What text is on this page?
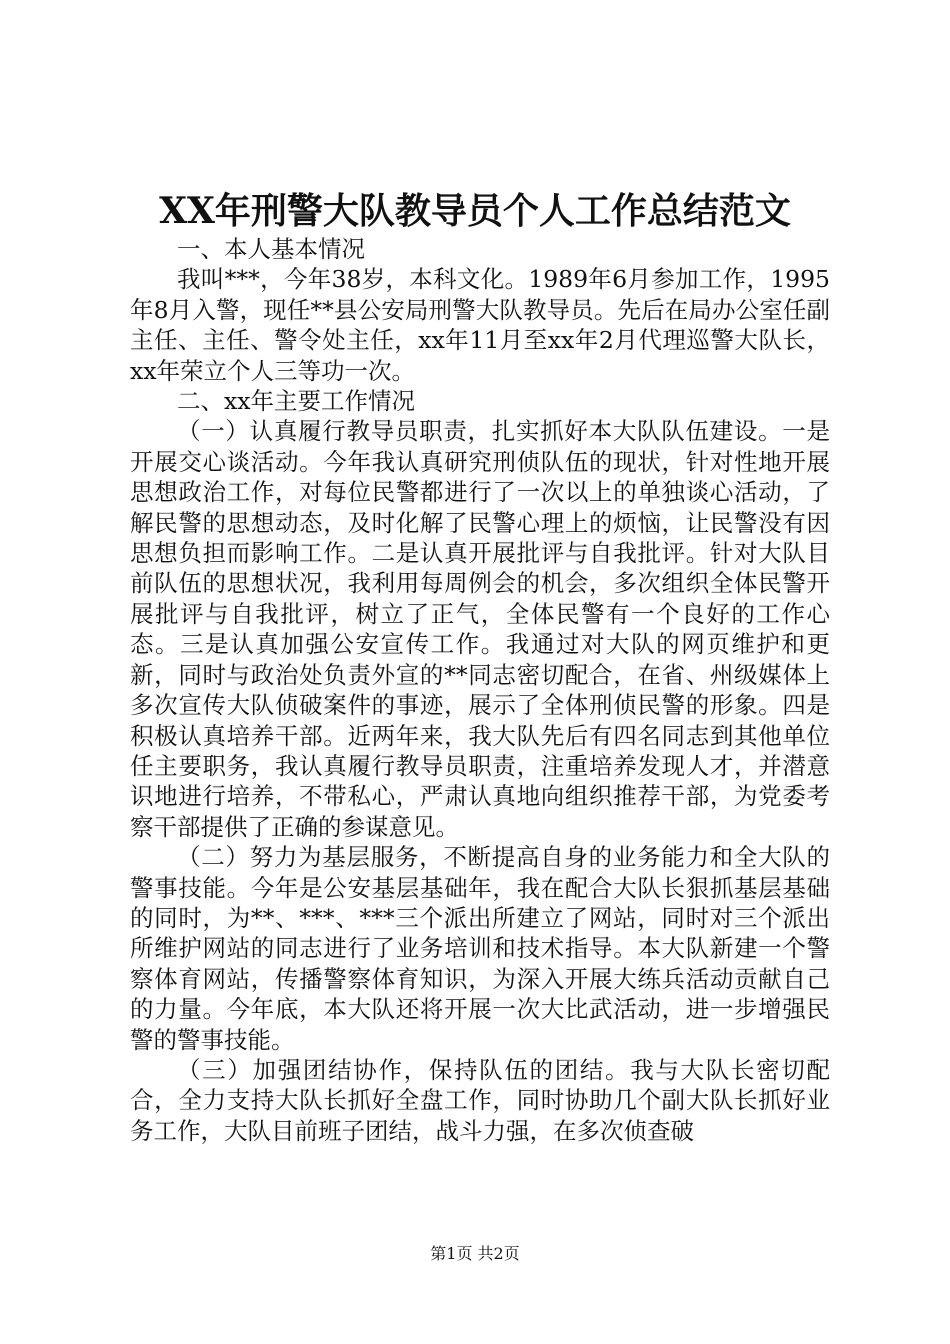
XX年刑警大队教导员个人工作总结范文

一、本人基本情况

我叫***，今年38岁，本科文化。1989年6月参加工作，1995年8月入警，现任**县公安局刑警大队教导员。先后在局办公室任副主任、主任、警令处主任，xx年11月至xx年2月代理巡警大队长，xx年荣立个人三等功一次。

二、xx年主要工作情况

（一）认真履行教导员职责，扎实抓好本大队队伍建设。一是开展交心谈活动。今年我认真研究刑侦队伍的现状，针对性地开展思想政治工作，对每位民警都进行了一次以上的单独谈心活动，了解民警的思想动态，及时化解了民警心理上的烦恼，让民警没有因思想负担而影响工作。二是认真开展批评与自我批评。针对大队目前队伍的思想状况，我利用每周例会的机会，多次组织全体民警开展批评与自我批评，树立了正气，全体民警有一个良好的工作心态。三是认真加强公安宣传工作。我通过对大队的网页维护和更新，同时与政治处负责外宣的**同志密切配合，在省、州级媒体上多次宣传大队侦破案件的事迹，展示了全体刑侦民警的形象。四是积极认真培养干部。近两年来，我大队先后有四名同志到其他单位任主要职务，我认真履行教导员职责，注重培养发现人才，并潜意识地进行培养，不带私心，严肃认真地向组织推荐干部，为党委考察干部提供了正确的参谋意见。

（二）努力为基层服务，不断提高自身的业务能力和全大队的警事技能。今年是公安基层基础年，我在配合大队长狠抓基层基础的同时，为**、***、***三个派出所建立了网站，同时对三个派出所维护网站的同志进行了业务培训和技术指导。本大队新建一个警察体育网站，传播警察体育知识，为深入开展大练兵活动贡献自己的力量。今年底，本大队还将开展一次大比武活动，进一步增强民警的警事技能。

（三）加强团结协作，保持队伍的团结。我与大队长密切配合，全力支持大队长抓好全盘工作，同时协助几个副大队长抓好业务工作，大队目前班子团结，战斗力强，在多次侦查破

第1页 共2页
